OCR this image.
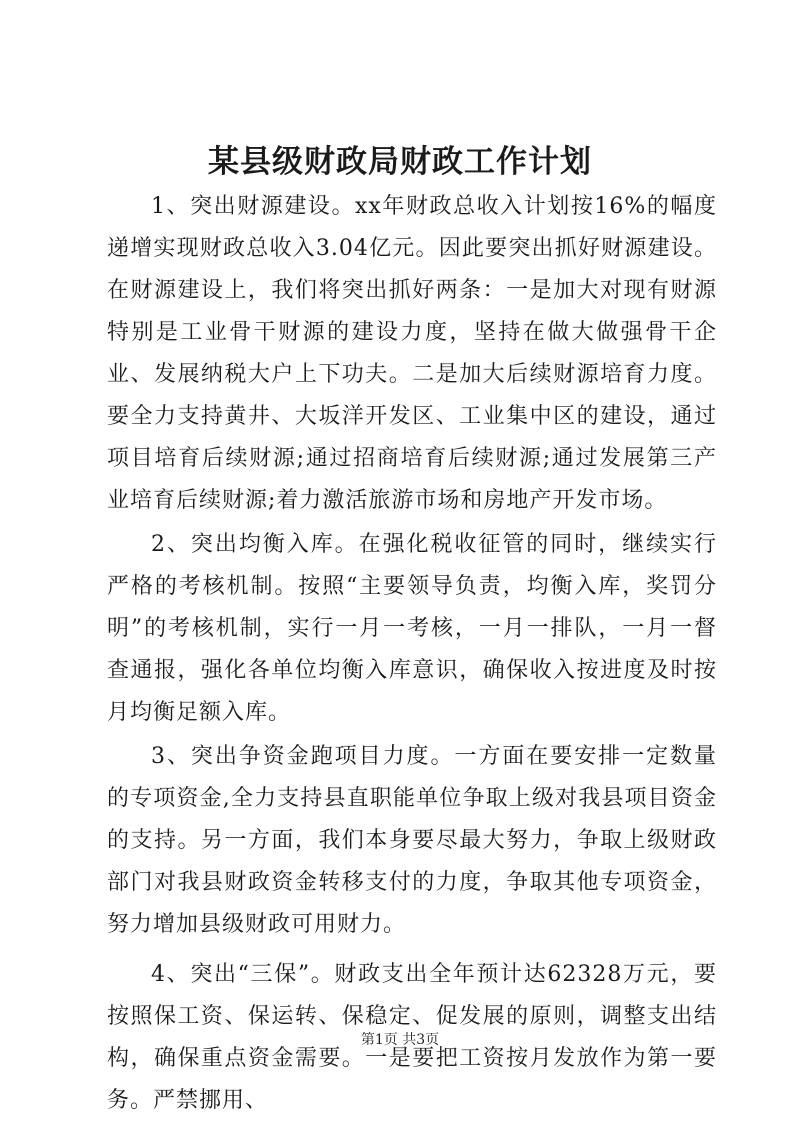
某县级财政局财政工作计划

1、突出财源建设。xx年财政总收入计划按16%的幅度递增实现财政总收入3.04亿元。因此要突出抓好财源建设。在财源建设上，我们将突出抓好两条：一是加大对现有财源特别是工业骨干财源的建设力度，坚持在做大做强骨干企业、发展纳税大户上下功夫。二是加大后续财源培育力度。要全力支持黄井、大坂洋开发区、工业集中区的建设，通过项目培育后续财源;通过招商培育后续财源;通过发展第三产业培育后续财源;着力激活旅游市场和房地产开发市场。

2、突出均衡入库。在强化税收征管的同时，继续实行严格的考核机制。按照“主要领导负责，均衡入库，奖罚分明”的考核机制，实行一月一考核，一月一排队，一月一督查通报，强化各单位均衡入库意识，确保收入按进度及时按月均衡足额入库。

3、突出争资金跑项目力度。一方面在要安排一定数量的专项资金,全力支持县直职能单位争取上级对我县项目资金的支持。另一方面，我们本身要尽最大努力，争取上级财政部门对我县财政资金转移支付的力度，争取其他专项资金，努力增加县级财政可用财力。

4、突出“三保”。财政支出全年预计达62328万元，要按照保工资、保运转、保稳定、促发展的原则，调整支出结构，确保重点资金需要。一是要把工资按月发放作为第一要务。严禁挪用、

第1页 共3页
